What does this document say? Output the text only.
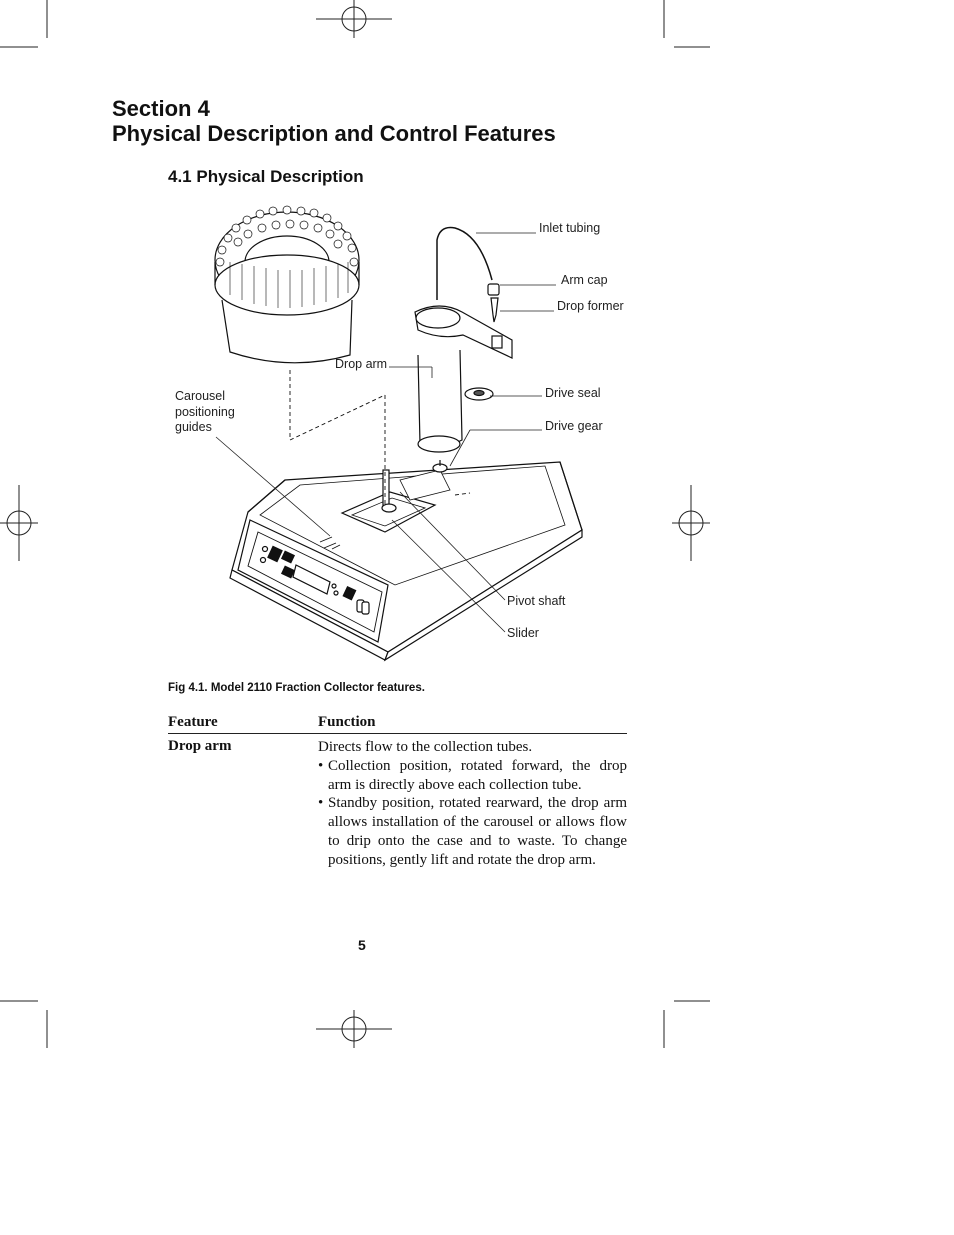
Section 4
Physical Description and Control Features
4.1 Physical Description
Inlet tubing
Arm cap
Drop former
Drop arm
Carousel
positioning
guides
Drive seal
Drive gear
Pivot shaft
Slider
Fig 4.1. Model 2110 Fraction Collector features.
Feature	Function
Drop arm	Directs flow to the collection tubes.
• Collection position, rotated forward, the drop arm is directly above each collection tube.
• Standby position, rotated rearward, the drop arm allows installation of the carousel or allows flow to drip onto the case and to waste. To change positions, gently lift and rotate the drop arm.
5
